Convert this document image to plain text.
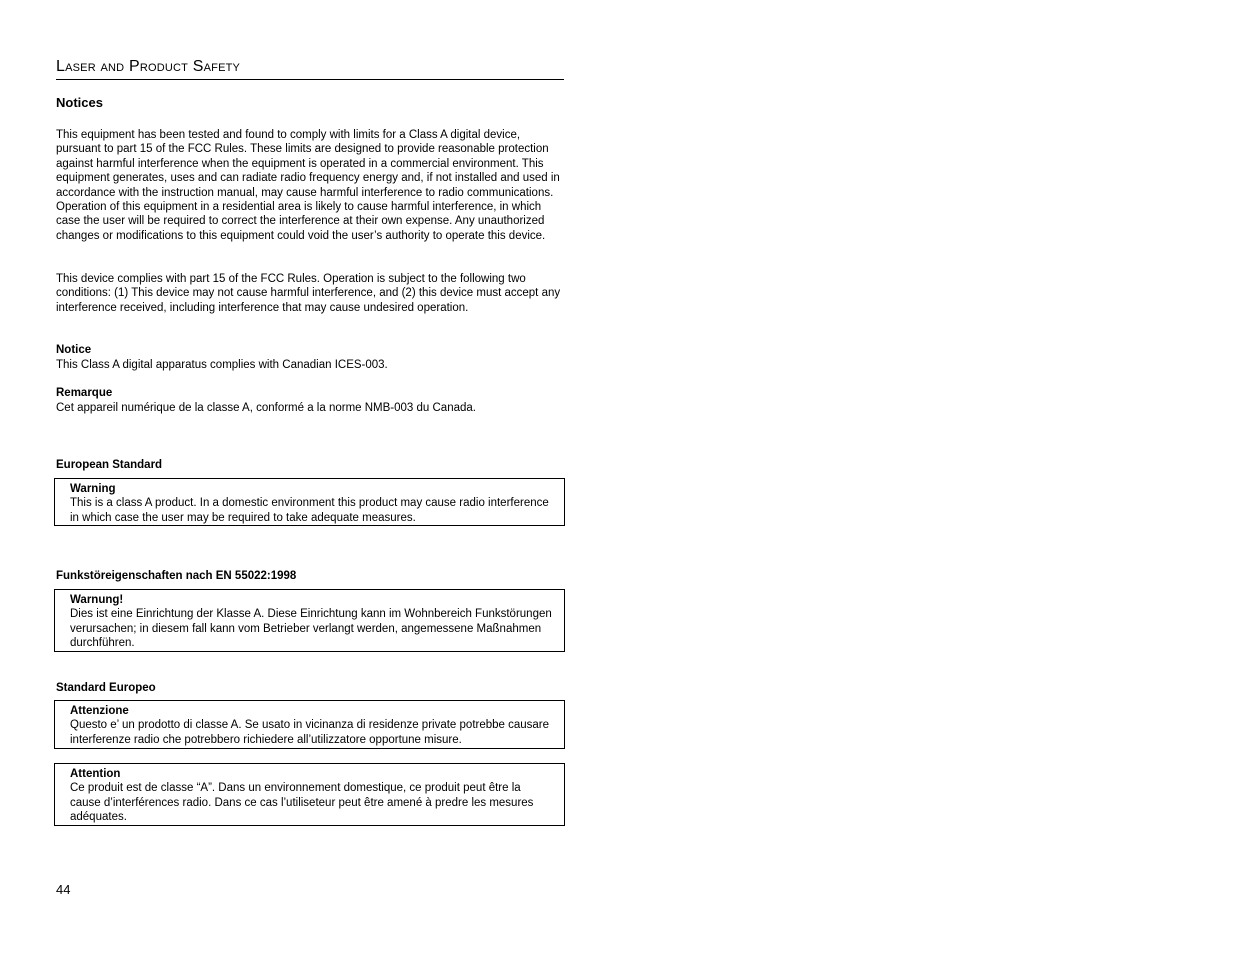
Laser and Product Safety
Notices

This equipment has been tested and found to comply with limits for a Class A digital device, pursuant to part 15 of the FCC Rules. These limits are designed to provide reasonable protection against harmful interference when the equipment is operated in a commercial environment. This equipment generates, uses and can radiate radio frequency energy and, if not installed and used in accordance with the instruction manual, may cause harmful interference to radio communications. Operation of this equipment in a residential area is likely to cause harmful interference, in which case the user will be required to correct the interference at their own expense. Any unauthorized changes or modifications to this equipment could void the user’s authority to operate this device.

This device complies with part 15 of the FCC Rules. Operation is subject to the following two conditions: (1) This device may not cause harmful interference, and (2) this device must accept any interference received, including interference that may cause undesired operation.

Notice

This Class A digital apparatus complies with Canadian ICES-003.

Remarque

Cet appareil numérique de la classe A, conformé a la norme NMB-003 du Canada.

European Standard

Warning

This is a class A product. In a domestic environment this product may cause radio interference in which case the user may be required to take adequate measures.

Funkstöreigenschaften nach EN 55022:1998

Warnung!

Dies ist eine Einrichtung der Klasse A. Diese Einrichtung kann im Wohnbereich Funkstörungen verursachen; in diesem fall kann vom Betrieber verlangt werden, angemessene Maßnahmen durchführen.

Standard Europeo

Attenzione

Questo e’ un prodotto di classe A. Se usato in vicinanza di residenze private potrebbe causare interferenze radio che potrebbero richiedere all’utilizzatore opportune misure.

Attention

Ce produit est de classe “A”. Dans un environnement domestique, ce produit peut être la cause d’interférences radio. Dans ce cas l’utiliseteur peut être amené à predre les mesures adéquates.

44
